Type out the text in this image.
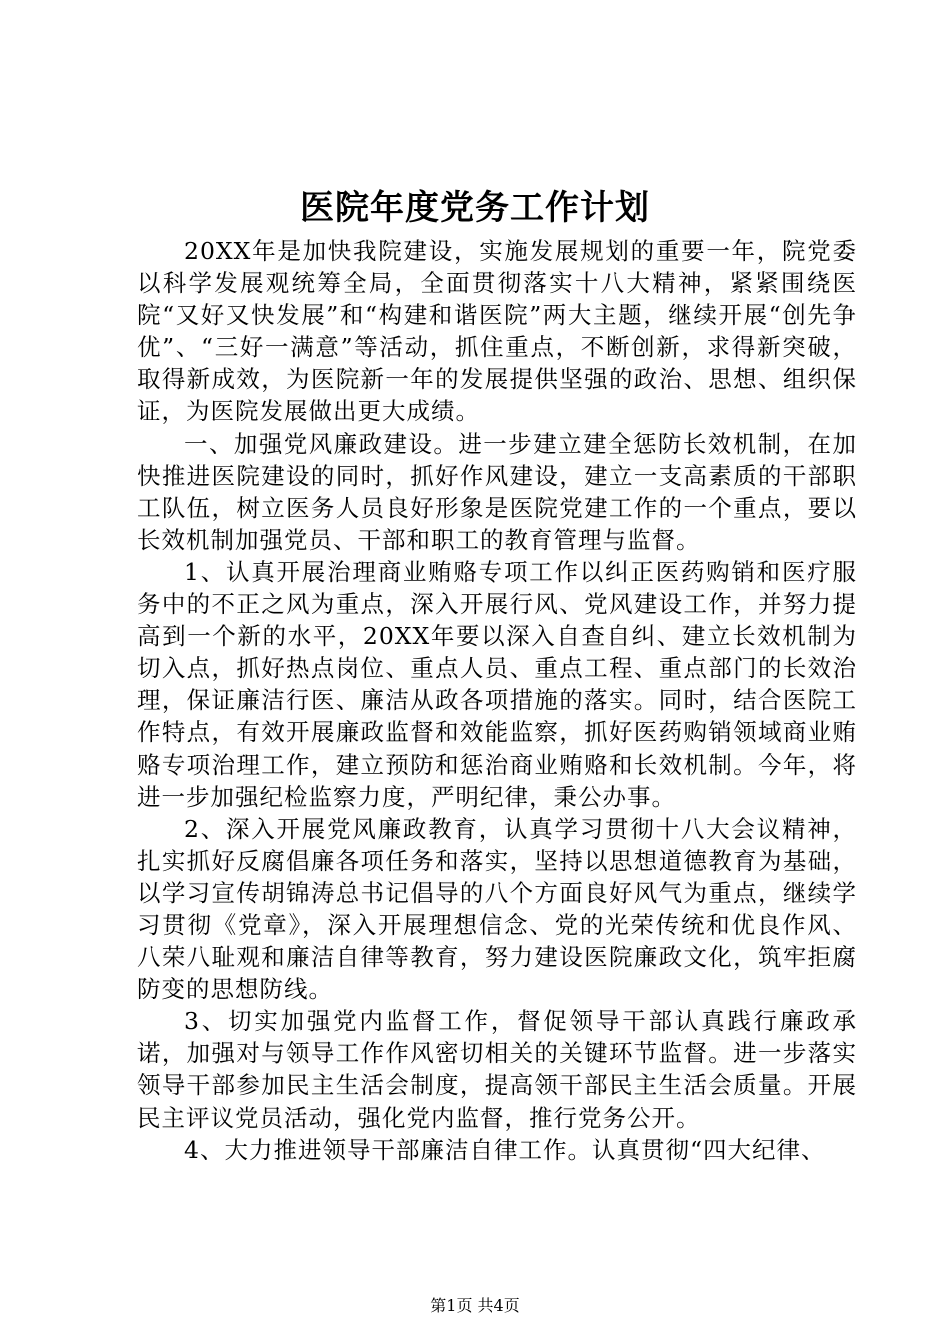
医院年度党务工作计划

20XX年是加快我院建设，实施发展规划的重要一年，院党委以科学发展观统筹全局，全面贯彻落实十八大精神，紧紧围绕医院“又好又快发展”和“构建和谐医院”两大主题，继续开展“创先争优”、“三好一满意”等活动，抓住重点，不断创新，求得新突破，取得新成效，为医院新一年的发展提供坚强的政治、思想、组织保证，为医院发展做出更大成绩。

一、加强党风廉政建设。进一步建立建全惩防长效机制，在加快推进医院建设的同时，抓好作风建设，建立一支高素质的干部职工队伍，树立医务人员良好形象是医院党建工作的一个重点，要以长效机制加强党员、干部和职工的教育管理与监督。

1、认真开展治理商业贿赂专项工作以纠正医药购销和医疗服务中的不正之风为重点，深入开展行风、党风建设工作，并努力提高到一个新的水平，20XX年要以深入自查自纠、建立长效机制为切入点，抓好热点岗位、重点人员、重点工程、重点部门的长效治理，保证廉洁行医、廉洁从政各项措施的落实。同时，结合医院工作特点，有效开展廉政监督和效能监察，抓好医药购销领域商业贿赂专项治理工作，建立预防和惩治商业贿赂和长效机制。今年，将进一步加强纪检监察力度，严明纪律，秉公办事。

2、深入开展党风廉政教育，认真学习贯彻十八大会议精神，扎实抓好反腐倡廉各项任务和落实，坚持以思想道德教育为基础，以学习宣传胡锦涛总书记倡导的八个方面良好风气为重点，继续学习贯彻《党章》，深入开展理想信念、党的光荣传统和优良作风、八荣八耻观和廉洁自律等教育，努力建设医院廉政文化，筑牢拒腐防变的思想防线。

3、切实加强党内监督工作，督促领导干部认真践行廉政承诺，加强对与领导工作作风密切相关的关键环节监督。进一步落实领导干部参加民主生活会制度，提高领干部民主生活会质量。开展民主评议党员活动，强化党内监督，推行党务公开。

4、大力推进领导干部廉洁自律工作。认真贯彻“四大纪律、

第1页 共4页
